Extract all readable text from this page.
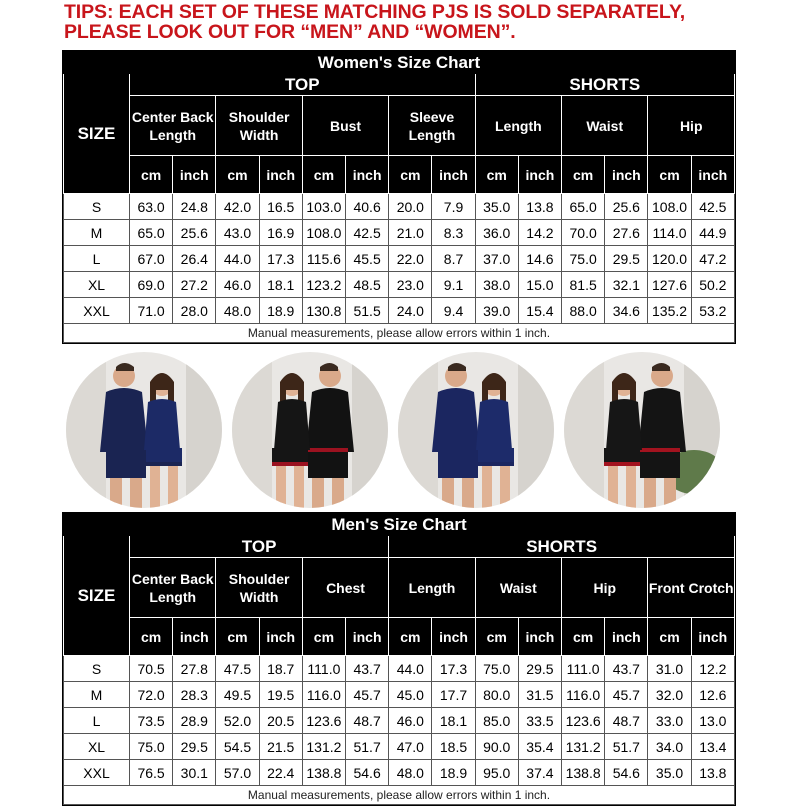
TIPS: EACH SET OF THESE MATCHING PJS IS SOLD SEPARATELY,
PLEASE LOOK OUT FOR “MEN” AND “WOMEN”.
Women's Size Chart														
SIZE	TOP								SHORTS					
	Center Back Length		Shoulder Width		Bust		Sleeve Length		Length		Waist		Hip	
	cm	inch	cm	inch	cm	inch	cm	inch	cm	inch	cm	inch	cm	inch
S	63.0	24.8	42.0	16.5	103.0	40.6	20.0	7.9	35.0	13.8	65.0	25.6	108.0	42.5
M	65.0	25.6	43.0	16.9	108.0	42.5	21.0	8.3	36.0	14.2	70.0	27.6	114.0	44.9
L	67.0	26.4	44.0	17.3	115.6	45.5	22.0	8.7	37.0	14.6	75.0	29.5	120.0	47.2
XL	69.0	27.2	46.0	18.1	123.2	48.5	23.0	9.1	38.0	15.0	81.5	32.1	127.6	50.2
XXL	71.0	28.0	48.0	18.9	130.8	51.5	24.0	9.4	39.0	15.4	88.0	34.6	135.2	53.2
Manual measurements, please allow errors within 1 inch.														
Men's Size Chart														
SIZE	TOP						SHORTS							
	Center Back Length		Shoulder Width		Chest		Length		Waist		Hip		Front Crotch	
	cm	inch	cm	inch	cm	inch	cm	inch	cm	inch	cm	inch	cm	inch
S	70.5	27.8	47.5	18.7	111.0	43.7	44.0	17.3	75.0	29.5	111.0	43.7	31.0	12.2
M	72.0	28.3	49.5	19.5	116.0	45.7	45.0	17.7	80.0	31.5	116.0	45.7	32.0	12.6
L	73.5	28.9	52.0	20.5	123.6	48.7	46.0	18.1	85.0	33.5	123.6	48.7	33.0	13.0
XL	75.0	29.5	54.5	21.5	131.2	51.7	47.0	18.5	90.0	35.4	131.2	51.7	34.0	13.4
XXL	76.5	30.1	57.0	22.4	138.8	54.6	48.0	18.9	95.0	37.4	138.8	54.6	35.0	13.8
Manual measurements, please allow errors within 1 inch.														
